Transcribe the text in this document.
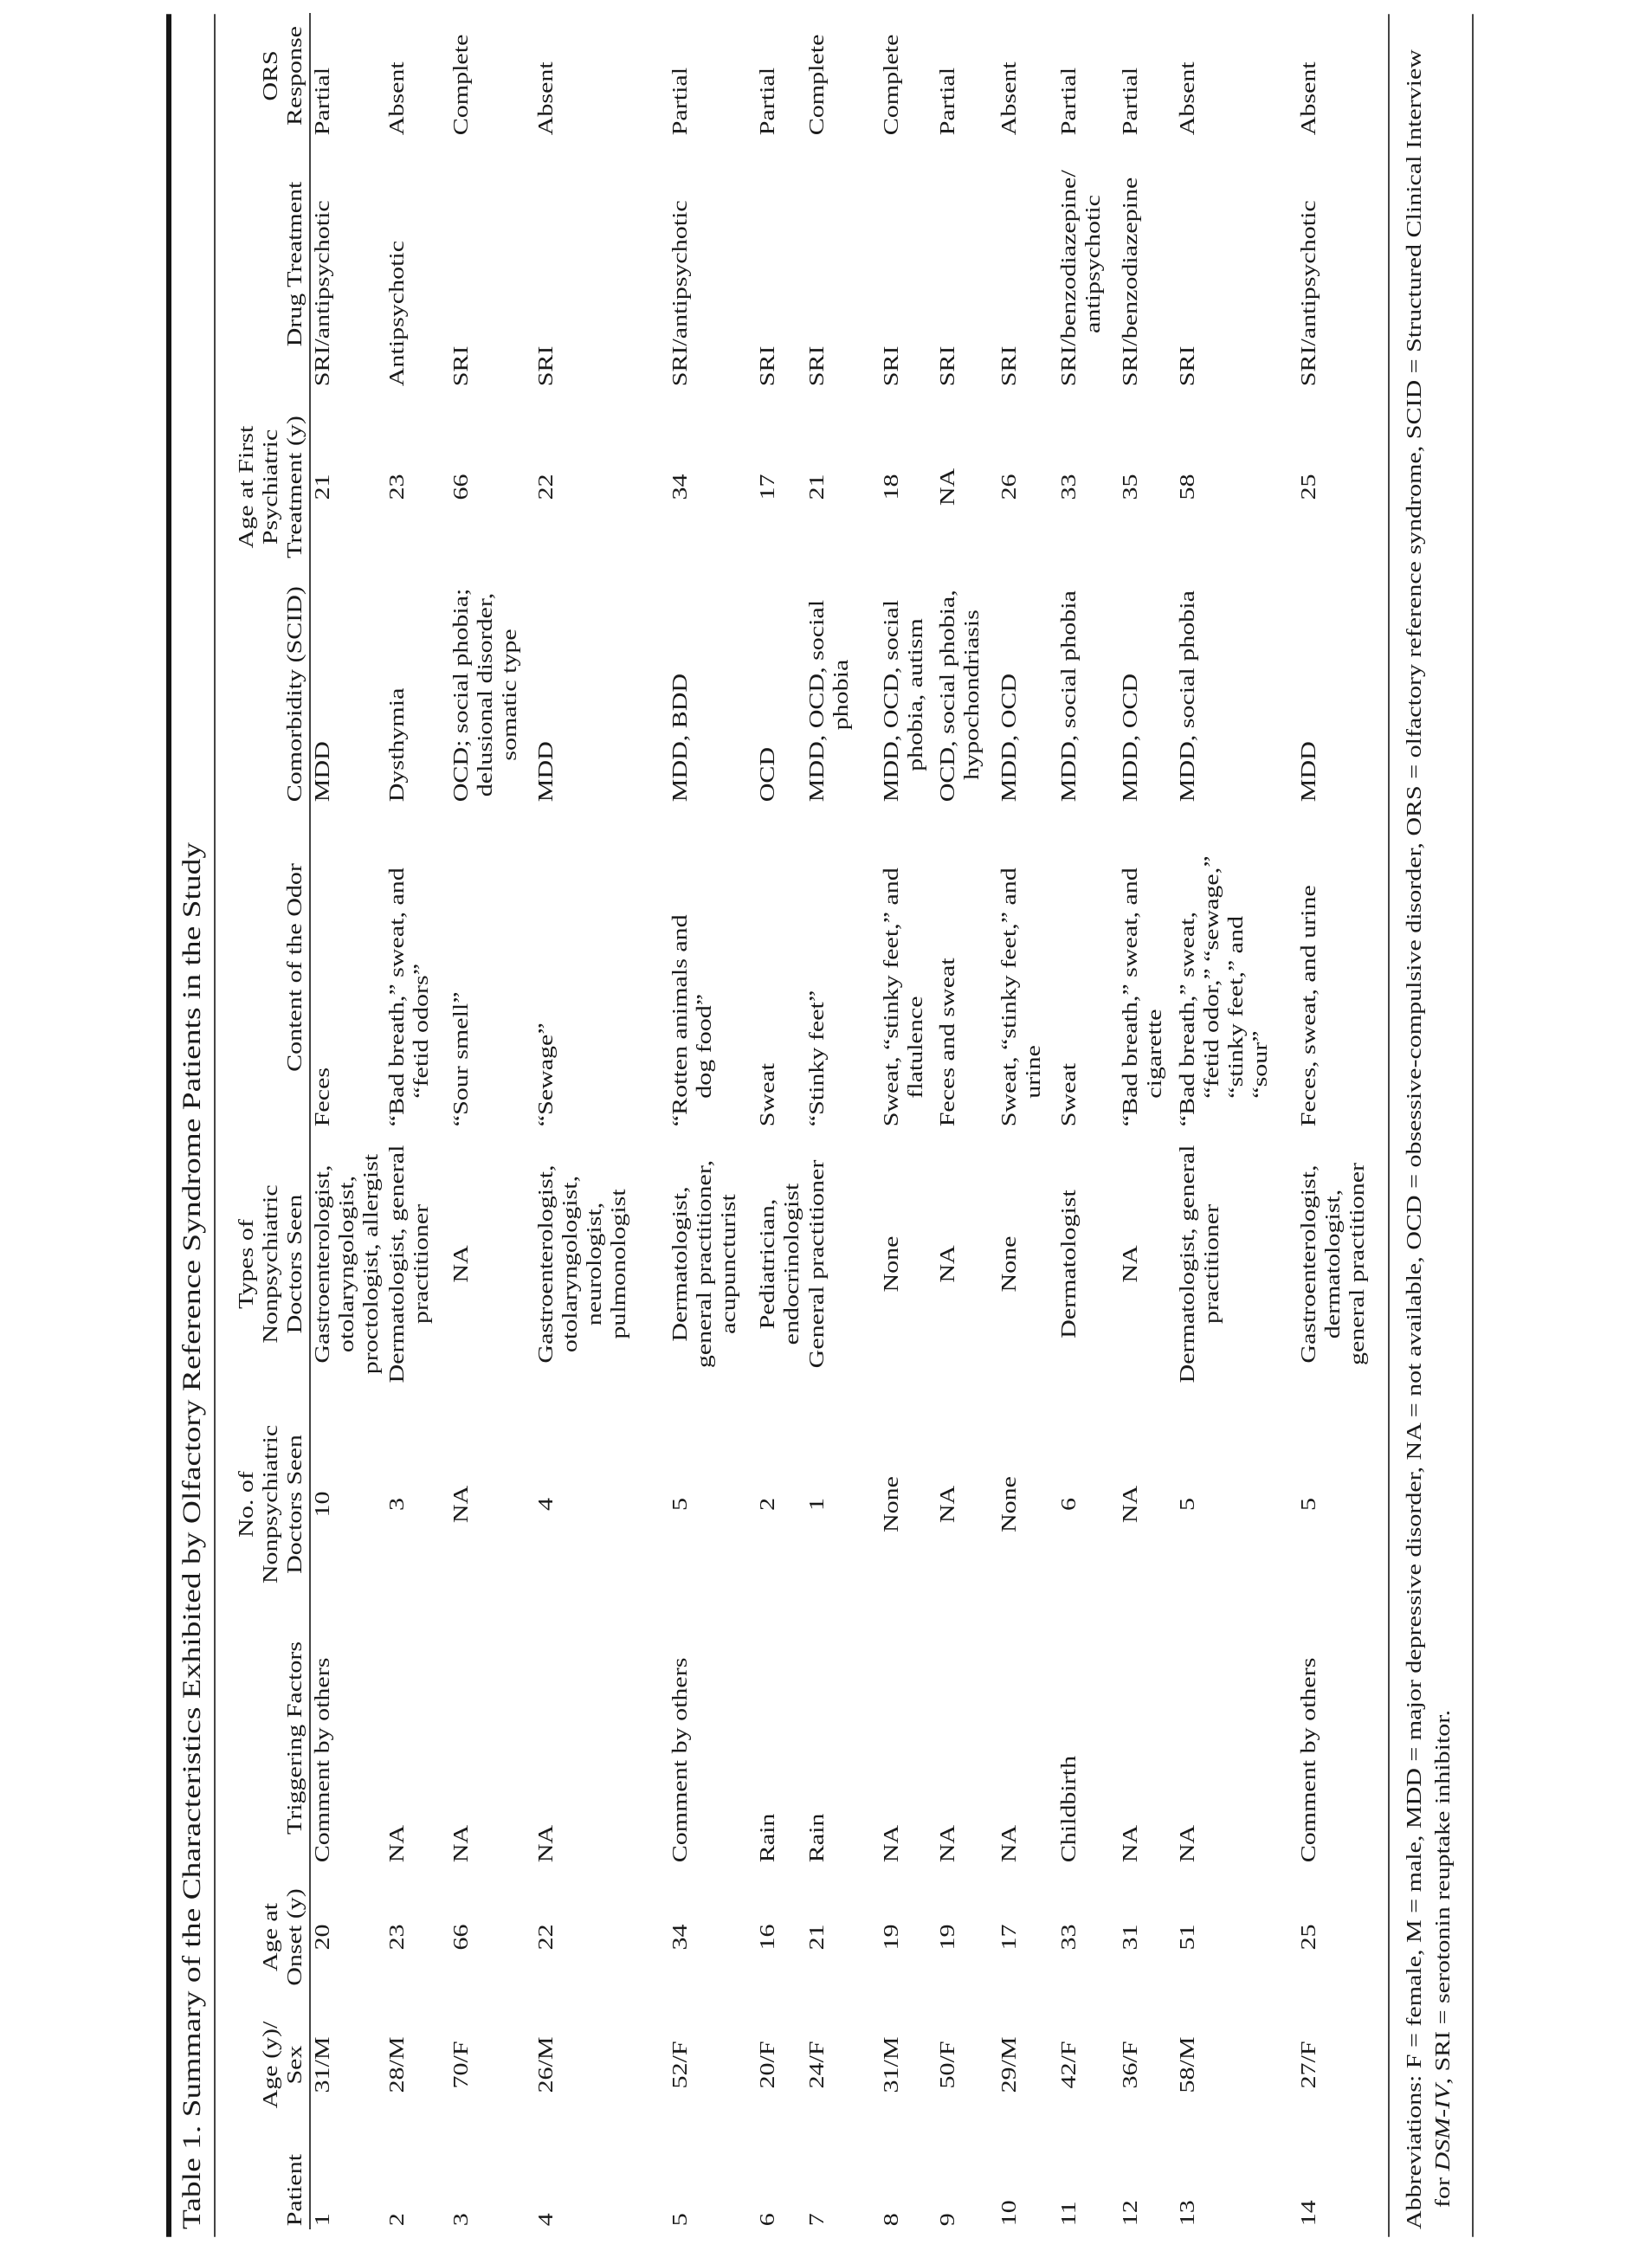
Table 1. Summary of the Characteristics Exhibited by Olfactory Reference Syndrome Patients in the Study	Patient	Age (y)/ Sex	Age at Onset (y)	Triggering Factors	No. of Nonpsychiatric Doctors Seen	Types of Nonpsychiatric Doctors Seen	Content of the Odor	Comorbidity (SCID)	Age at First Psychiatric Treatment (y)	Drug Treatment	ORS Response

1	31/M	20	Comment by others	10	Gastroenterologist, otolaryngologist, proctologist, allergist	Feces	MDD	21	SRI/antipsychotic	Partial

2	28/M	23	NA	3	Dermatologist, general practitioner	“Bad breath,” sweat, and “fetid odors”	Dysthymia	23	Antipsychotic	Absent

3	70/F	66	NA	NA	NA	“Sour smell”	OCD; social phobia; delusional disorder, somatic type	66	SRI	Complete

4	26/M	22	NA	4	Gastroenterologist, otolaryngologist, neurologist, pulmonologist	“Sewage”	MDD	22	SRI	Absent

5	52/F	34	Comment by others	5	Dermatologist, general practitioner, acupuncturist	“Rotten animals and dog food”	MDD, BDD	34	SRI/antipsychotic	Partial

6	20/F	16	Rain	2	Pediatrician, endocrinologist	Sweat	OCD	17	SRI	Partial

7	24/F	21	Rain	1	General practitioner	“Stinky feet”	MDD, OCD, social phobia	21	SRI	Complete

8	31/M	19	NA	None	None	Sweat, “stinky feet,” and flatulence	MDD, OCD, social phobia, autism	18	SRI	Complete

9	50/F	19	NA	NA	NA	Feces and sweat	OCD, social phobia, hypochondriasis	NA	SRI	Partial

10	29/M	17	NA	None	None	Sweat, “stinky feet,” and urine	MDD, OCD	26	SRI	Absent

11	42/F	33	Childbirth	6	Dermatologist	Sweat	MDD, social phobia	33	SRI/benzodiazepine/ antipsychotic	Partial

12	36/F	31	NA	NA	NA	“Bad breath,” sweat, and cigarette	MDD, OCD	35	SRI/benzodiazepine	Partial

13	58/M	51	NA	5	Dermatologist, general practitioner	“Bad breath,” sweat, “fetid odor,” “sewage,” “stinky feet,” and “sour”	MDD, social phobia	58	SRI	Absent

14	27/F	25	Comment by others	5	Gastroenterologist, dermatologist, general practitioner	Feces, sweat, and urine	MDD	25	SRI/antipsychotic	Absent	Abbreviations: F = female, M = male, MDD = major depressive disorder, NA = not available, OCD = obsessive-compulsive disorder, ORS = olfactory reference syndrome, SCID = Structured Clinical Interview for DSM-IV, SRI = serotonin reuptake inhibitor.
